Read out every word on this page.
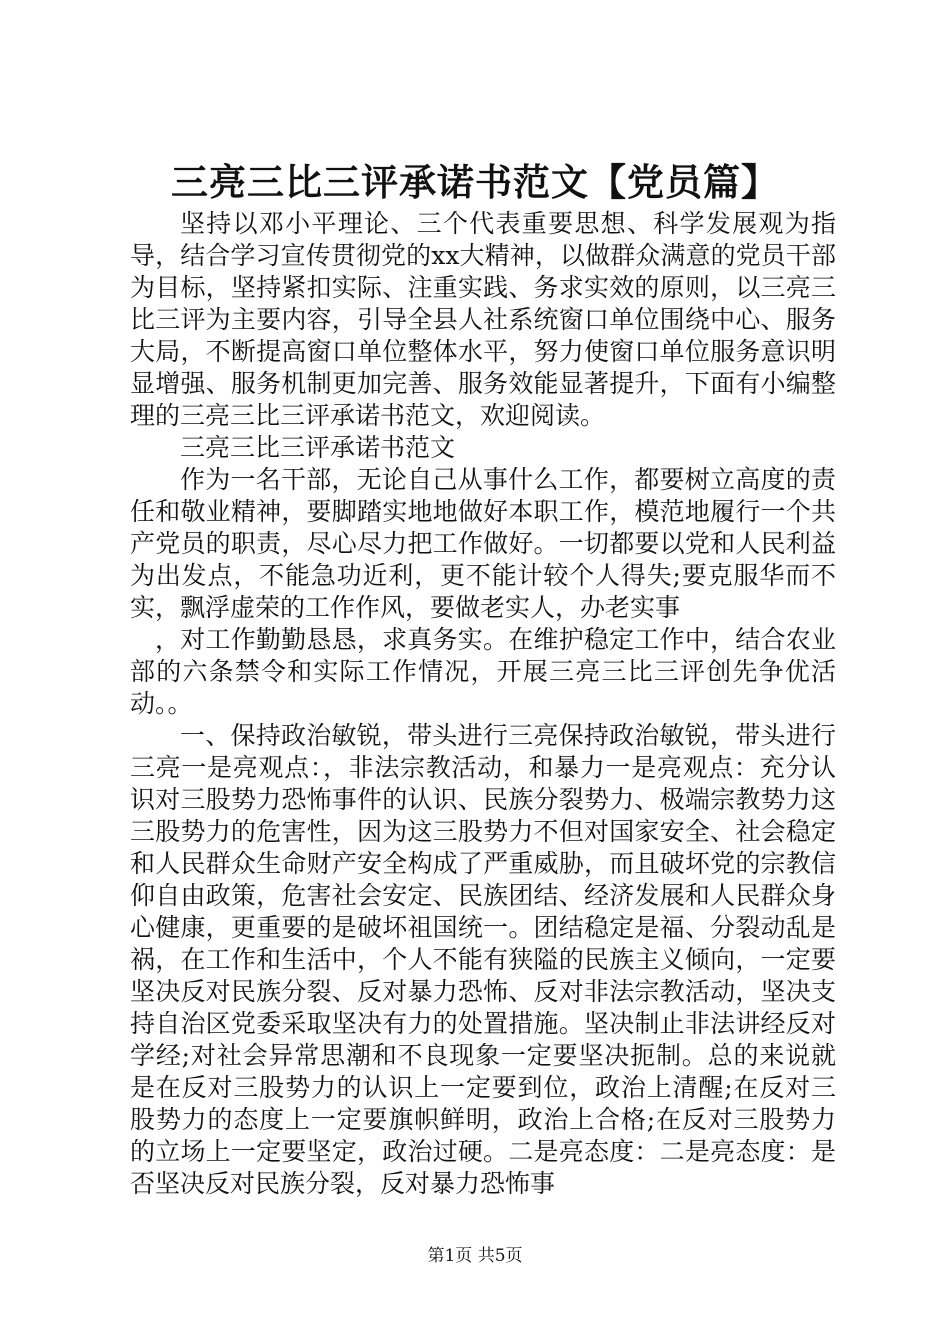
三亮三比三评承诺书范文【党员篇】

坚持以邓小平理论、三个代表重要思想、科学发展观为指导，结合学习宣传贯彻党的xx大精神，以做群众满意的党员干部为目标，坚持紧扣实际、注重实践、务求实效的原则，以三亮三比三评为主要内容，引导全县人社系统窗口单位围绕中心、服务大局，不断提高窗口单位整体水平，努力使窗口单位服务意识明显增强、服务机制更加完善、服务效能显著提升，下面有小编整理的三亮三比三评承诺书范文，欢迎阅读。

三亮三比三评承诺书范文

作为一名干部，无论自己从事什么工作，都要树立高度的责任和敬业精神，要脚踏实地地做好本职工作，模范地履行一个共产党员的职责，尽心尽力把工作做好。一切都要以党和人民利益为出发点，不能急功近利，更不能计较个人得失;要克服华而不实，飘浮虚荣的工作作风，要做老实人，办老实事

，对工作勤勤恳恳，求真务实。在维护稳定工作中，结合农业部的六条禁令和实际工作情况，开展三亮三比三评创先争优活动。。

一、保持政治敏锐，带头进行三亮保持政治敏锐，带头进行三亮一是亮观点：，非法宗教活动，和暴力一是亮观点：充分认识对三股势力恐怖事件的认识、民族分裂势力、极端宗教势力这三股势力的危害性，因为这三股势力不但对国家安全、社会稳定和人民群众生命财产安全构成了严重威胁，而且破坏党的宗教信仰自由政策，危害社会安定、民族团结、经济发展和人民群众身心健康，更重要的是破坏祖国统一。团结稳定是福、分裂动乱是祸，在工作和生活中，个人不能有狭隘的民族主义倾向，一定要坚决反对民族分裂、反对暴力恐怖、反对非法宗教活动，坚决支持自治区党委采取坚决有力的处置措施。坚决制止非法讲经反对学经;对社会异常思潮和不良现象一定要坚决扼制。总的来说就是在反对三股势力的认识上一定要到位，政治上清醒;在反对三股势力的态度上一定要旗帜鲜明，政治上合格;在反对三股势力的立场上一定要坚定，政治过硬。二是亮态度：二是亮态度：是否坚决反对民族分裂，反对暴力恐怖事

第1页 共5页
